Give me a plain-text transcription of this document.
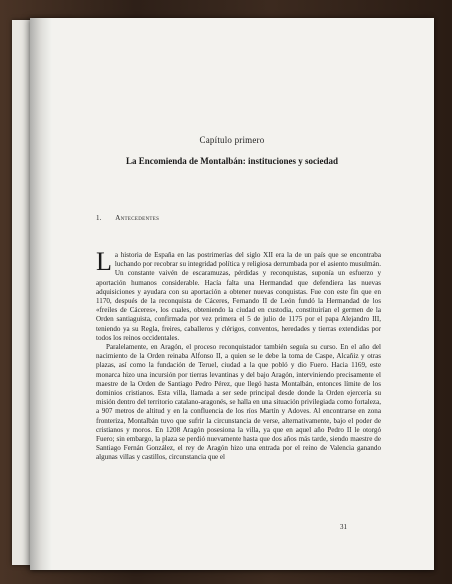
Capítulo primero
La Encomienda de Montalbán: instituciones y sociedad
1. Antecedentes

La historia de España en las postrimerías del siglo XII era la de un país que se encontraba luchando por recobrar su integridad política y religiosa derrumbada por el asiento musulmán. Un constante vaivén de escaramuzas, pérdidas y reconquistas, suponía un esfuerzo y aportación humanos considerable. Hacía falta una Hermandad que defendiera las nuevas adquisiciones y ayudara con su aportación a obtener nuevas conquistas. Fue con este fin que en 1170, después de la reconquista de Cáceres, Fernando II de León fundó la Hermandad de los «freiles de Cáceres», los cuales, obteniendo la ciudad en custodia, constituirían el germen de la Orden santiaguista, confirmada por vez primera el 5 de julio de 1175 por el papa Alejandro III, teniendo ya su Regla, freires, caballeros y clérigos, conventos, heredades y tierras extendidas por todos los reinos occidentales.

Paralelamente, en Aragón, el proceso reconquistador también seguía su curso. En el año del nacimiento de la Orden reinaba Alfonso II, a quien se le debe la toma de Caspe, Alcañiz y otras plazas, así como la fundación de Teruel, ciudad a la que pobló y dio Fuero. Hacia 1169, este monarca hizo una incursión por tierras levantinas y del bajo Aragón, interviniendo precisamente el maestre de la Orden de Santiago Pedro Pérez, que llegó hasta Montalbán, entonces límite de los dominios cristianos. Esta villa, llamada a ser sede principal desde donde la Orden ejercería su misión dentro del territorio catalano-aragonés, se halla en una situación privilegiada como fortaleza, a 907 metros de altitud y en la confluencia de los ríos Martín y Adoves. Al encontrarse en zona fronteriza, Montalbán tuvo que sufrir la circunstancia de verse, alternativamente, bajo el poder de cristianos y moros. En 1208 Aragón posesiona la villa, ya que en aquel año Pedro II le otorgó Fuero; sin embargo, la plaza se perdió nuevamente hasta que dos años más tarde, siendo maestre de Santiago Fernán González, el rey de Aragón hizo una entrada por el reino de Valencia ganando algunas villas y castillos, circunstancia que el

31
